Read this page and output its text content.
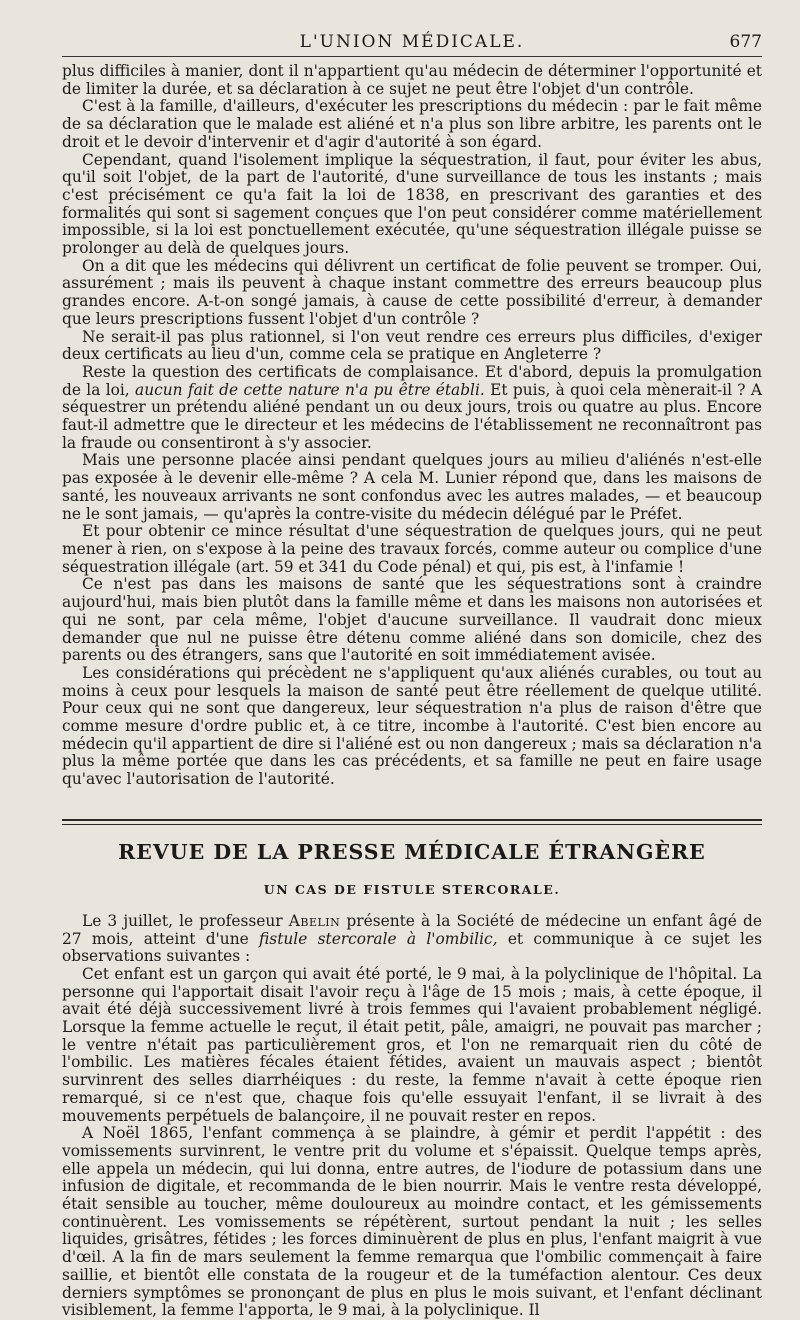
L'UNION MÉDICALE.	677

plus difficiles à manier, dont il n'appartient qu'au médecin de déterminer l'opportunité et de limiter la durée, et sa déclaration à ce sujet ne peut être l'objet d'un contrôle.

C'est à la famille, d'ailleurs, d'exécuter les prescriptions du médecin : par le fait même de sa déclaration que le malade est aliéné et n'a plus son libre arbitre, les parents ont le droit et le devoir d'intervenir et d'agir d'autorité à son égard.

Cependant, quand l'isolement implique la séquestration, il faut, pour éviter les abus, qu'il soit l'objet, de la part de l'autorité, d'une surveillance de tous les instants ; mais c'est précisément ce qu'a fait la loi de 1838, en prescrivant des garanties et des formalités qui sont si sagement conçues que l'on peut considérer comme matériellement impossible, si la loi est ponctuellement exécutée, qu'une séquestration illégale puisse se prolonger au delà de quelques jours.

On a dit que les médecins qui délivrent un certificat de folie peuvent se tromper. Oui, assurément ; mais ils peuvent à chaque instant commettre des erreurs beaucoup plus grandes encore. A-t-on songé jamais, à cause de cette possibilité d'erreur, à demander que leurs prescriptions fussent l'objet d'un contrôle ?

Ne serait-il pas plus rationnel, si l'on veut rendre ces erreurs plus difficiles, d'exiger deux certificats au lieu d'un, comme cela se pratique en Angleterre ?

Reste la question des certificats de complaisance. Et d'abord, depuis la promulgation de la loi, aucun fait de cette nature n'a pu être établi. Et puis, à quoi cela mènerait-il ? A séquestrer un prétendu aliéné pendant un ou deux jours, trois ou quatre au plus. Encore faut-il admettre que le directeur et les médecins de l'établissement ne reconnaîtront pas la fraude ou consentiront à s'y associer.

Mais une personne placée ainsi pendant quelques jours au milieu d'aliénés n'est-elle pas exposée à le devenir elle-même ? A cela M. Lunier répond que, dans les maisons de santé, les nouveaux arrivants ne sont confondus avec les autres malades, — et beaucoup ne le sont jamais, — qu'après la contre-visite du médecin délégué par le Préfet.

Et pour obtenir ce mince résultat d'une séquestration de quelques jours, qui ne peut mener à rien, on s'expose à la peine des travaux forcés, comme auteur ou complice d'une séquestration illégale (art. 59 et 341 du Code pénal) et qui, pis est, à l'infamie !

Ce n'est pas dans les maisons de santé que les séquestrations sont à craindre aujourd'hui, mais bien plutôt dans la famille même et dans les maisons non autorisées et qui ne sont, par cela même, l'objet d'aucune surveillance. Il vaudrait donc mieux demander que nul ne puisse être détenu comme aliéné dans son domicile, chez des parents ou des étrangers, sans que l'autorité en soit immédiatement avisée.

Les considérations qui précèdent ne s'appliquent qu'aux aliénés curables, ou tout au moins à ceux pour lesquels la maison de santé peut être réellement de quelque utilité. Pour ceux qui ne sont que dangereux, leur séquestration n'a plus de raison d'être que comme mesure d'ordre public et, à ce titre, incombe à l'autorité. C'est bien encore au médecin qu'il appartient de dire si l'aliéné est ou non dangereux ; mais sa déclaration n'a plus la même portée que dans les cas précédents, et sa famille ne peut en faire usage qu'avec l'autorisation de l'autorité.

REVUE DE LA PRESSE MÉDICALE ÉTRANGÈRE
UN CAS DE FISTULE STERCORALE.

Le 3 juillet, le professeur Abelin présente à la Société de médecine un enfant âgé de 27 mois, atteint d'une fistule stercorale à l'ombilic, et communique à ce sujet les observations suivantes :

Cet enfant est un garçon qui avait été porté, le 9 mai, à la polyclinique de l'hôpital. La personne qui l'apportait disait l'avoir reçu à l'âge de 15 mois ; mais, à cette époque, il avait été déjà successivement livré à trois femmes qui l'avaient probablement négligé. Lorsque la femme actuelle le reçut, il était petit, pâle, amaigri, ne pouvait pas marcher ; le ventre n'était pas particulièrement gros, et l'on ne remarquait rien du côté de l'ombilic. Les matières fécales étaient fétides, avaient un mauvais aspect ; bientôt survinrent des selles diarrhéiques : du reste, la femme n'avait à cette époque rien remarqué, si ce n'est que, chaque fois qu'elle essuyait l'enfant, il se livrait à des mouvements perpétuels de balançoire, il ne pouvait rester en repos.

A Noël 1865, l'enfant commença à se plaindre, à gémir et perdit l'appétit : des vomissements survinrent, le ventre prit du volume et s'épaissit. Quelque temps après, elle appela un médecin, qui lui donna, entre autres, de l'iodure de potassium dans une infusion de digitale, et recommanda de le bien nourrir. Mais le ventre resta développé, était sensible au toucher, même douloureux au moindre contact, et les gémissements continuèrent. Les vomissements se répétèrent, surtout pendant la nuit ; les selles liquides, grisâtres, fétides ; les forces diminuèrent de plus en plus, l'enfant maigrit à vue d'œil. A la fin de mars seulement la femme remarqua que l'ombilic commençait à faire saillie, et bientôt elle constata de la rougeur et de la tuméfaction alentour. Ces deux derniers symptômes se prononçant de plus en plus le mois suivant, et l'enfant déclinant visiblement, la femme l'apporta, le 9 mai, à la polyclinique. Il
